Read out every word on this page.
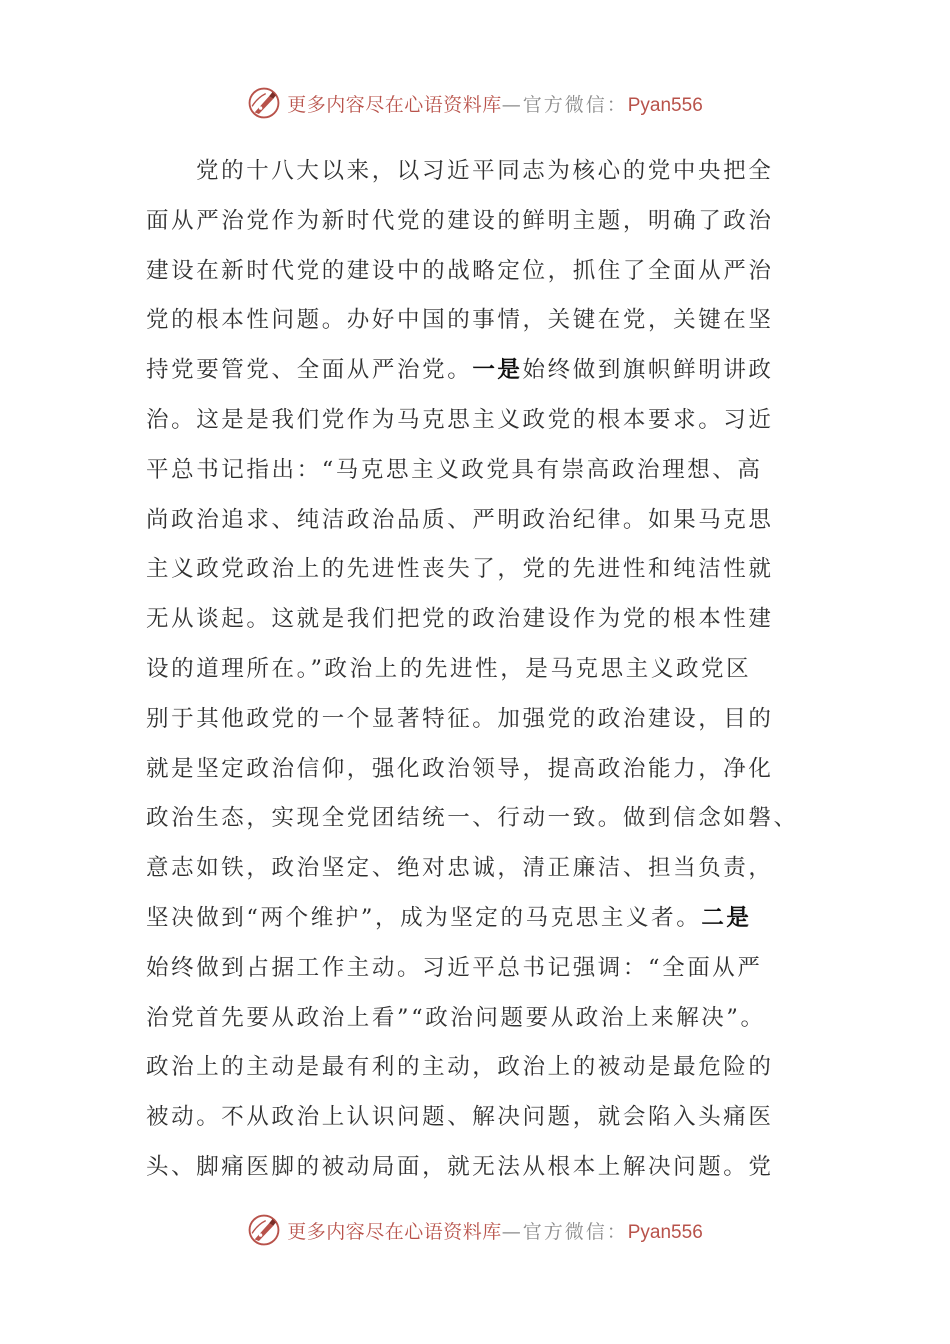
更多内容尽在心语资料库 —官方微信： Pyan556
党的十八大以来，以习近平同志为核心的党中央把全
面从严治党作为新时代党的建设的鲜明主题，明确了政治
建设在新时代党的建设中的战略定位，抓住了全面从严治
党的根本性问题。办好中国的事情，关键在党，关键在坚
持党要管党、全面从严治党。一是始终做到旗帜鲜明讲政
治。这是是我们党作为马克思主义政党的根本要求。习近
平总书记指出：“马克思主义政党具有崇高政治理想、高
尚政治追求、纯洁政治品质、严明政治纪律。如果马克思
主义政党政治上的先进性丧失了，党的先进性和纯洁性就
无从谈起。这就是我们把党的政治建设作为党的根本性建
设的道理所在。”政治上的先进性，是马克思主义政党区
别于其他政党的一个显著特征。加强党的政治建设，目的
就是坚定政治信仰，强化政治领导，提高政治能力，净化
政治生态，实现全党团结统一、行动一致。做到信念如磐、
意志如铁，政治坚定、绝对忠诚，清正廉洁、担当负责，
坚决做到“两个维护”，成为坚定的马克思主义者。二是
始终做到占据工作主动。习近平总书记强调：“全面从严
治党首先要从政治上看”“政治问题要从政治上来解决”。
政治上的主动是最有利的主动，政治上的被动是最危险的
被动。不从政治上认识问题、解决问题，就会陷入头痛医
头、脚痛医脚的被动局面，就无法从根本上解决问题。党
更多内容尽在心语资料库 —官方微信： Pyan556
